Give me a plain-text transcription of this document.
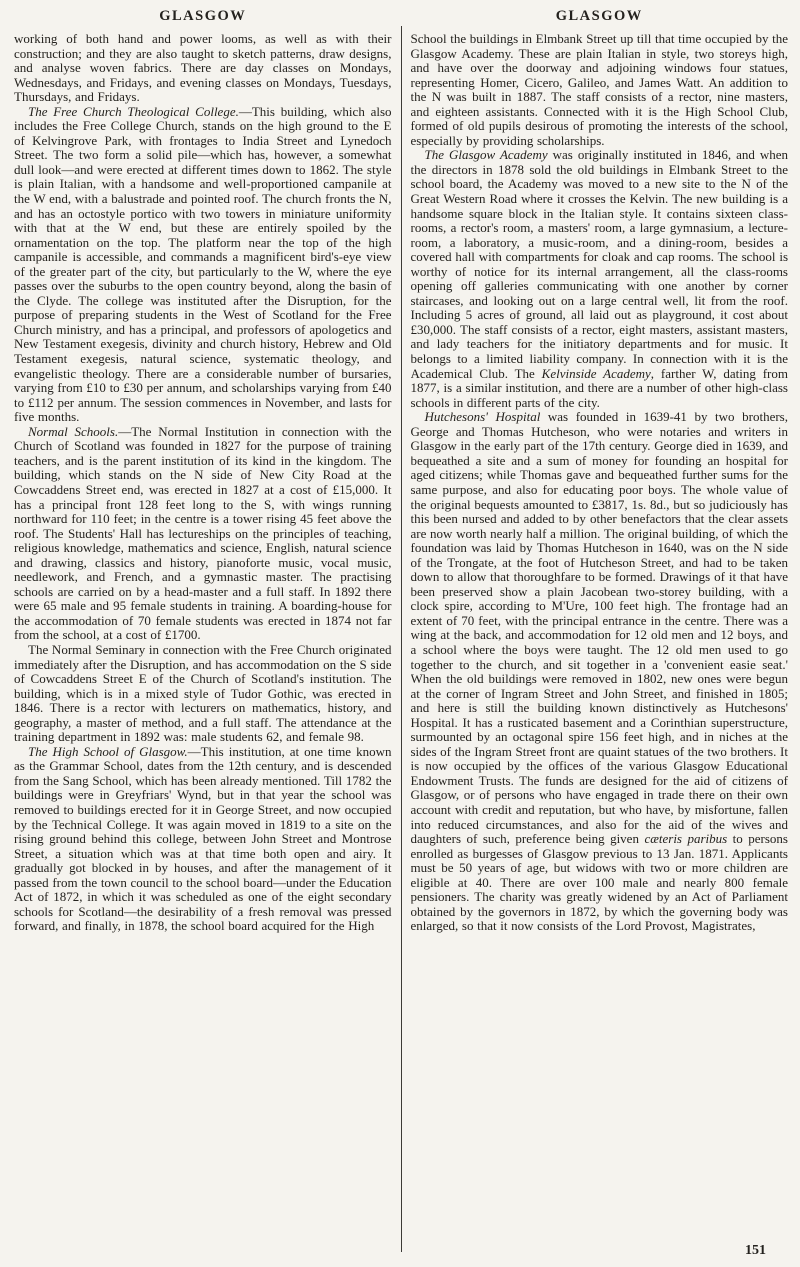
GLASGOW

working of both hand and power looms, as well as with their construction; and they are also taught to sketch patterns, draw designs, and analyse woven fabrics. There are day classes on Mondays, Wednesdays, and Fridays, and evening classes on Mondays, Tuesdays, Thursdays, and Fridays.

The Free Church Theological College.—This building, which also includes the Free College Church, stands on the high ground to the E of Kelvingrove Park, with frontages to India Street and Lynedoch Street. The two form a solid pile—which has, however, a somewhat dull look—and were erected at different times down to 1862. The style is plain Italian, with a handsome and well-proportioned campanile at the W end, with a balustrade and pointed roof. The church fronts the N, and has an octostyle portico with two towers in miniature uniformity with that at the W end, but these are entirely spoiled by the ornamentation on the top. The platform near the top of the high campanile is accessible, and commands a magnificent bird's-eye view of the greater part of the city, but particularly to the W, where the eye passes over the suburbs to the open country beyond, along the basin of the Clyde. The college was instituted after the Disruption, for the purpose of preparing students in the West of Scotland for the Free Church ministry, and has a principal, and professors of apologetics and New Testament exegesis, divinity and church history, Hebrew and Old Testament exegesis, natural science, systematic theology, and evangelistic theology. There are a considerable number of bursaries, varying from £10 to £30 per annum, and scholarships varying from £40 to £112 per annum. The session commences in November, and lasts for five months.

Normal Schools.—The Normal Institution in connection with the Church of Scotland was founded in 1827 for the purpose of training teachers, and is the parent institution of its kind in the kingdom. The building, which stands on the N side of New City Road at the Cowcaddens Street end, was erected in 1827 at a cost of £15,000. It has a principal front 128 feet long to the S, with wings running northward for 110 feet; in the centre is a tower rising 45 feet above the roof. The Students' Hall has lectureships on the principles of teaching, religious knowledge, mathematics and science, English, natural science and drawing, classics and history, pianoforte music, vocal music, needlework, and French, and a gymnastic master. The practising schools are carried on by a head-master and a full staff. In 1892 there were 65 male and 95 female students in training. A boarding-house for the accommodation of 70 female students was erected in 1874 not far from the school, at a cost of £1700.

The Normal Seminary in connection with the Free Church originated immediately after the Disruption, and has accommodation on the S side of Cowcaddens Street E of the Church of Scotland's institution. The building, which is in a mixed style of Tudor Gothic, was erected in 1846. There is a rector with lecturers on mathematics, history, and geography, a master of method, and a full staff. The attendance at the training department in 1892 was: male students 62, and female 98.

The High School of Glasgow.—This institution, at one time known as the Grammar School, dates from the 12th century, and is descended from the Sang School, which has been already mentioned. Till 1782 the buildings were in Greyfriars' Wynd, but in that year the school was removed to buildings erected for it in George Street, and now occupied by the Technical College. It was again moved in 1819 to a site on the rising ground behind this college, between John Street and Montrose Street, a situation which was at that time both open and airy. It gradually got blocked in by houses, and after the management of it passed from the town council to the school board—under the Education Act of 1872, in which it was scheduled as one of the eight secondary schools for Scotland—the desirability of a fresh removal was pressed forward, and finally, in 1878, the school board acquired for the High

GLASGOW

School the buildings in Elmbank Street up till that time occupied by the Glasgow Academy. These are plain Italian in style, two storeys high, and have over the doorway and adjoining windows four statues, representing Homer, Cicero, Galileo, and James Watt. An addition to the N was built in 1887. The staff consists of a rector, nine masters, and eighteen assistants. Connected with it is the High School Club, formed of old pupils desirous of promoting the interests of the school, especially by providing scholarships.

The Glasgow Academy was originally instituted in 1846, and when the directors in 1878 sold the old buildings in Elmbank Street to the school board, the Academy was moved to a new site to the N of the Great Western Road where it crosses the Kelvin. The new building is a handsome square block in the Italian style. It contains sixteen class-rooms, a rector's room, a masters' room, a large gymnasium, a lecture-room, a laboratory, a music-room, and a dining-room, besides a covered hall with compartments for cloak and cap rooms. The school is worthy of notice for its internal arrangement, all the class-rooms opening off galleries communicating with one another by corner staircases, and looking out on a large central well, lit from the roof. Including 5 acres of ground, all laid out as playground, it cost about £30,000. The staff consists of a rector, eight masters, assistant masters, and lady teachers for the initiatory departments and for music. It belongs to a limited liability company. In connection with it is the Academical Club. The Kelvinside Academy, farther W, dating from 1877, is a similar institution, and there are a number of other high-class schools in different parts of the city.

Hutchesons' Hospital was founded in 1639-41 by two brothers, George and Thomas Hutcheson, who were notaries and writers in Glasgow in the early part of the 17th century. George died in 1639, and bequeathed a site and a sum of money for founding an hospital for aged citizens; while Thomas gave and bequeathed further sums for the same purpose, and also for educating poor boys. The whole value of the original bequests amounted to £3817, 1s. 8d., but so judiciously has this been nursed and added to by other benefactors that the clear assets are now worth nearly half a million. The original building, of which the foundation was laid by Thomas Hutcheson in 1640, was on the N side of the Trongate, at the foot of Hutcheson Street, and had to be taken down to allow that thoroughfare to be formed. Drawings of it that have been preserved show a plain Jacobean two-storey building, with a clock spire, according to M'Ure, 100 feet high. The frontage had an extent of 70 feet, with the principal entrance in the centre. There was a wing at the back, and accommodation for 12 old men and 12 boys, and a school where the boys were taught. The 12 old men used to go together to the church, and sit together in a 'convenient easie seat.' When the old buildings were removed in 1802, new ones were begun at the corner of Ingram Street and John Street, and finished in 1805; and here is still the building known distinctively as Hutchesons' Hospital. It has a rusticated basement and a Corinthian superstructure, surmounted by an octagonal spire 156 feet high, and in niches at the sides of the Ingram Street front are quaint statues of the two brothers. It is now occupied by the offices of the various Glasgow Educational Endowment Trusts. The funds are designed for the aid of citizens of Glasgow, or of persons who have engaged in trade there on their own account with credit and reputation, but who have, by misfortune, fallen into reduced circumstances, and also for the aid of the wives and daughters of such, preference being given cæteris paribus to persons enrolled as burgesses of Glasgow previous to 13 Jan. 1871. Applicants must be 50 years of age, but widows with two or more children are eligible at 40. There are over 100 male and nearly 800 female pensioners. The charity was greatly widened by an Act of Parliament obtained by the governors in 1872, by which the governing body was enlarged, so that it now consists of the Lord Provost, Magistrates,

151
